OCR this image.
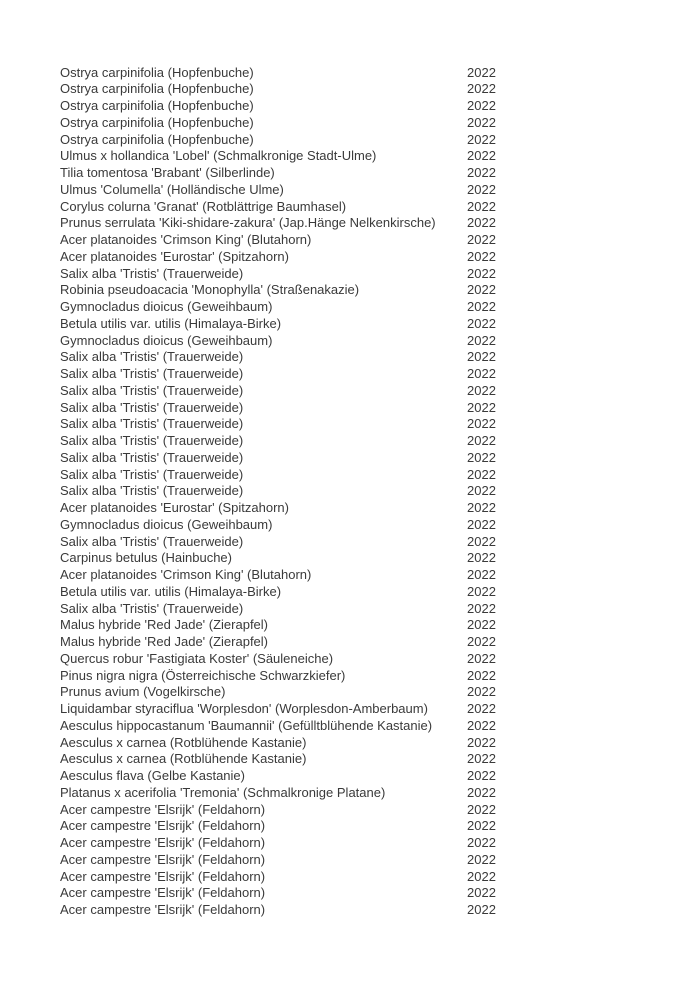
Ostrya carpinifolia (Hopfenbuche)	2022
Ostrya carpinifolia (Hopfenbuche)	2022
Ostrya carpinifolia (Hopfenbuche)	2022
Ostrya carpinifolia (Hopfenbuche)	2022
Ostrya carpinifolia (Hopfenbuche)	2022
Ulmus x hollandica 'Lobel' (Schmalkronige Stadt-Ulme)	2022
Tilia tomentosa 'Brabant' (Silberlinde)	2022
Ulmus 'Columella' (Holländische Ulme)	2022
Corylus colurna 'Granat' (Rotblättrige Baumhasel)	2022
Prunus serrulata 'Kiki-shidare-zakura' (Jap.Hänge Nelkenkirsche)	2022
Acer platanoides 'Crimson King' (Blutahorn)	2022
Acer platanoides 'Eurostar' (Spitzahorn)	2022
Salix alba 'Tristis' (Trauerweide)	2022
Robinia pseudoacacia 'Monophylla' (Straßenakazie)	2022
Gymnocladus dioicus (Geweihbaum)	2022
Betula utilis var. utilis (Himalaya-Birke)	2022
Gymnocladus dioicus (Geweihbaum)	2022
Salix alba 'Tristis' (Trauerweide)	2022
Salix alba 'Tristis' (Trauerweide)	2022
Salix alba 'Tristis' (Trauerweide)	2022
Salix alba 'Tristis' (Trauerweide)	2022
Salix alba 'Tristis' (Trauerweide)	2022
Salix alba 'Tristis' (Trauerweide)	2022
Salix alba 'Tristis' (Trauerweide)	2022
Salix alba 'Tristis' (Trauerweide)	2022
Salix alba 'Tristis' (Trauerweide)	2022
Acer platanoides 'Eurostar' (Spitzahorn)	2022
Gymnocladus dioicus (Geweihbaum)	2022
Salix alba 'Tristis' (Trauerweide)	2022
Carpinus betulus (Hainbuche)	2022
Acer platanoides 'Crimson King' (Blutahorn)	2022
Betula utilis var. utilis (Himalaya-Birke)	2022
Salix alba 'Tristis' (Trauerweide)	2022
Malus hybride 'Red Jade' (Zierapfel)	2022
Malus hybride 'Red Jade' (Zierapfel)	2022
Quercus robur 'Fastigiata Koster' (Säuleneiche)	2022
Pinus nigra nigra (Österreichische Schwarzkiefer)	2022
Prunus avium (Vogelkirsche)	2022
Liquidambar styraciflua 'Worplesdon' (Worplesdon-Amberbaum)	2022
Aesculus hippocastanum 'Baumannii' (Gefülltblühende Kastanie)	2022
Aesculus x carnea (Rotblühende Kastanie)	2022
Aesculus x carnea (Rotblühende Kastanie)	2022
Aesculus flava (Gelbe Kastanie)	2022
Platanus x acerifolia 'Tremonia' (Schmalkronige Platane)	2022
Acer campestre 'Elsrijk' (Feldahorn)	2022
Acer campestre 'Elsrijk' (Feldahorn)	2022
Acer campestre 'Elsrijk' (Feldahorn)	2022
Acer campestre 'Elsrijk' (Feldahorn)	2022
Acer campestre 'Elsrijk' (Feldahorn)	2022
Acer campestre 'Elsrijk' (Feldahorn)	2022
Acer campestre 'Elsrijk' (Feldahorn)	2022
